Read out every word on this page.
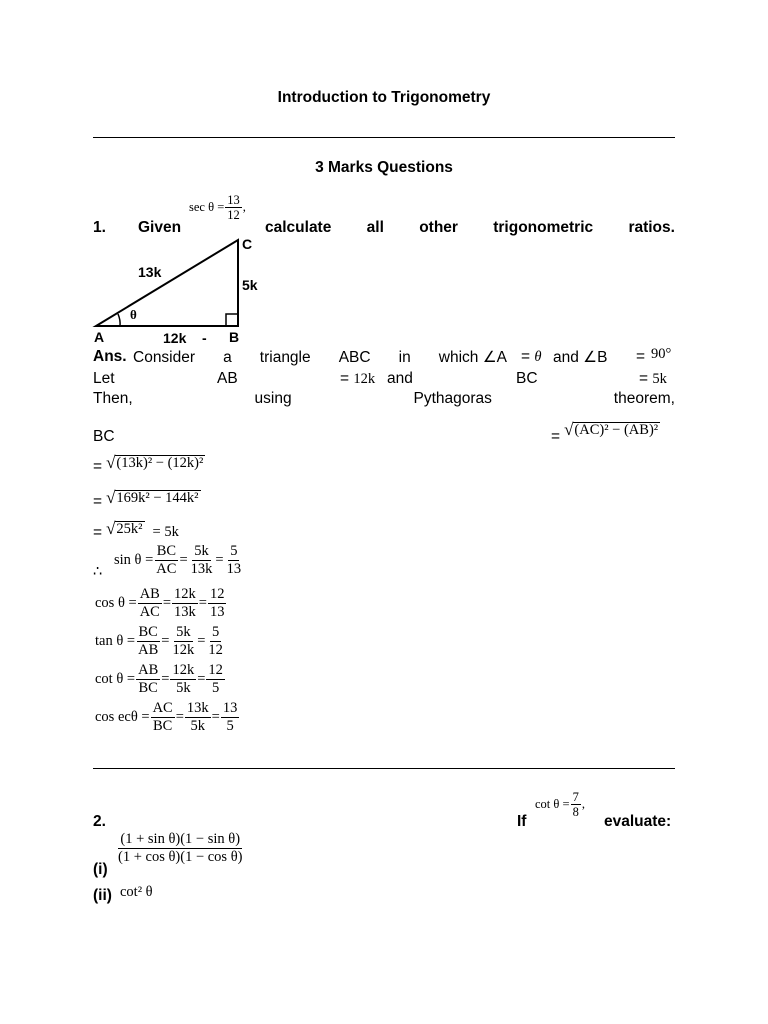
Introduction to Trigonometry
3 Marks Questions
$\sec \theta = \frac{13}{12}$ ,
1. Given	calculate all other trigonometric ratios.
A	B
C
13k
5k
12k -
θ
Ans. Consider a triangle ABC in which ∠A = θ and ∠B = 90°
Let	AB	= 12k and	BC	= 5k
Then,	using	Pythagoras	theorem,
BC	= √ (AC)² − (AB)²
= √ (13k)² − (12k)²
= √ 169k² − 144k²
= √ 25k² = 5k
∴
$\sin \theta = \frac{BC}{AC} = \frac{5k}{13k} = \frac{5}{13}$
$\cos \theta = \frac{AB}{AC} = \frac{12k}{13k} = \frac{12}{13}$
$\tan \theta = \frac{BC}{AB} = \frac{5k}{12k} = \frac{5}{12}$
$\cot \theta = \frac{AB}{BC} = \frac{12k}{5k} = \frac{12}{5}$
$\cos ec\theta = \frac{AC}{BC} = \frac{13k}{5k} = \frac{13}{5}$
2.	If
$\cot \theta = \frac{7}{8}$ ,
evaluate:
(i)
$\frac{\text{(1 + sin θ)(1 − sin θ)}}{\text{(1 + cos θ)(1 − cos θ)}}$
(ii) cot² θ
